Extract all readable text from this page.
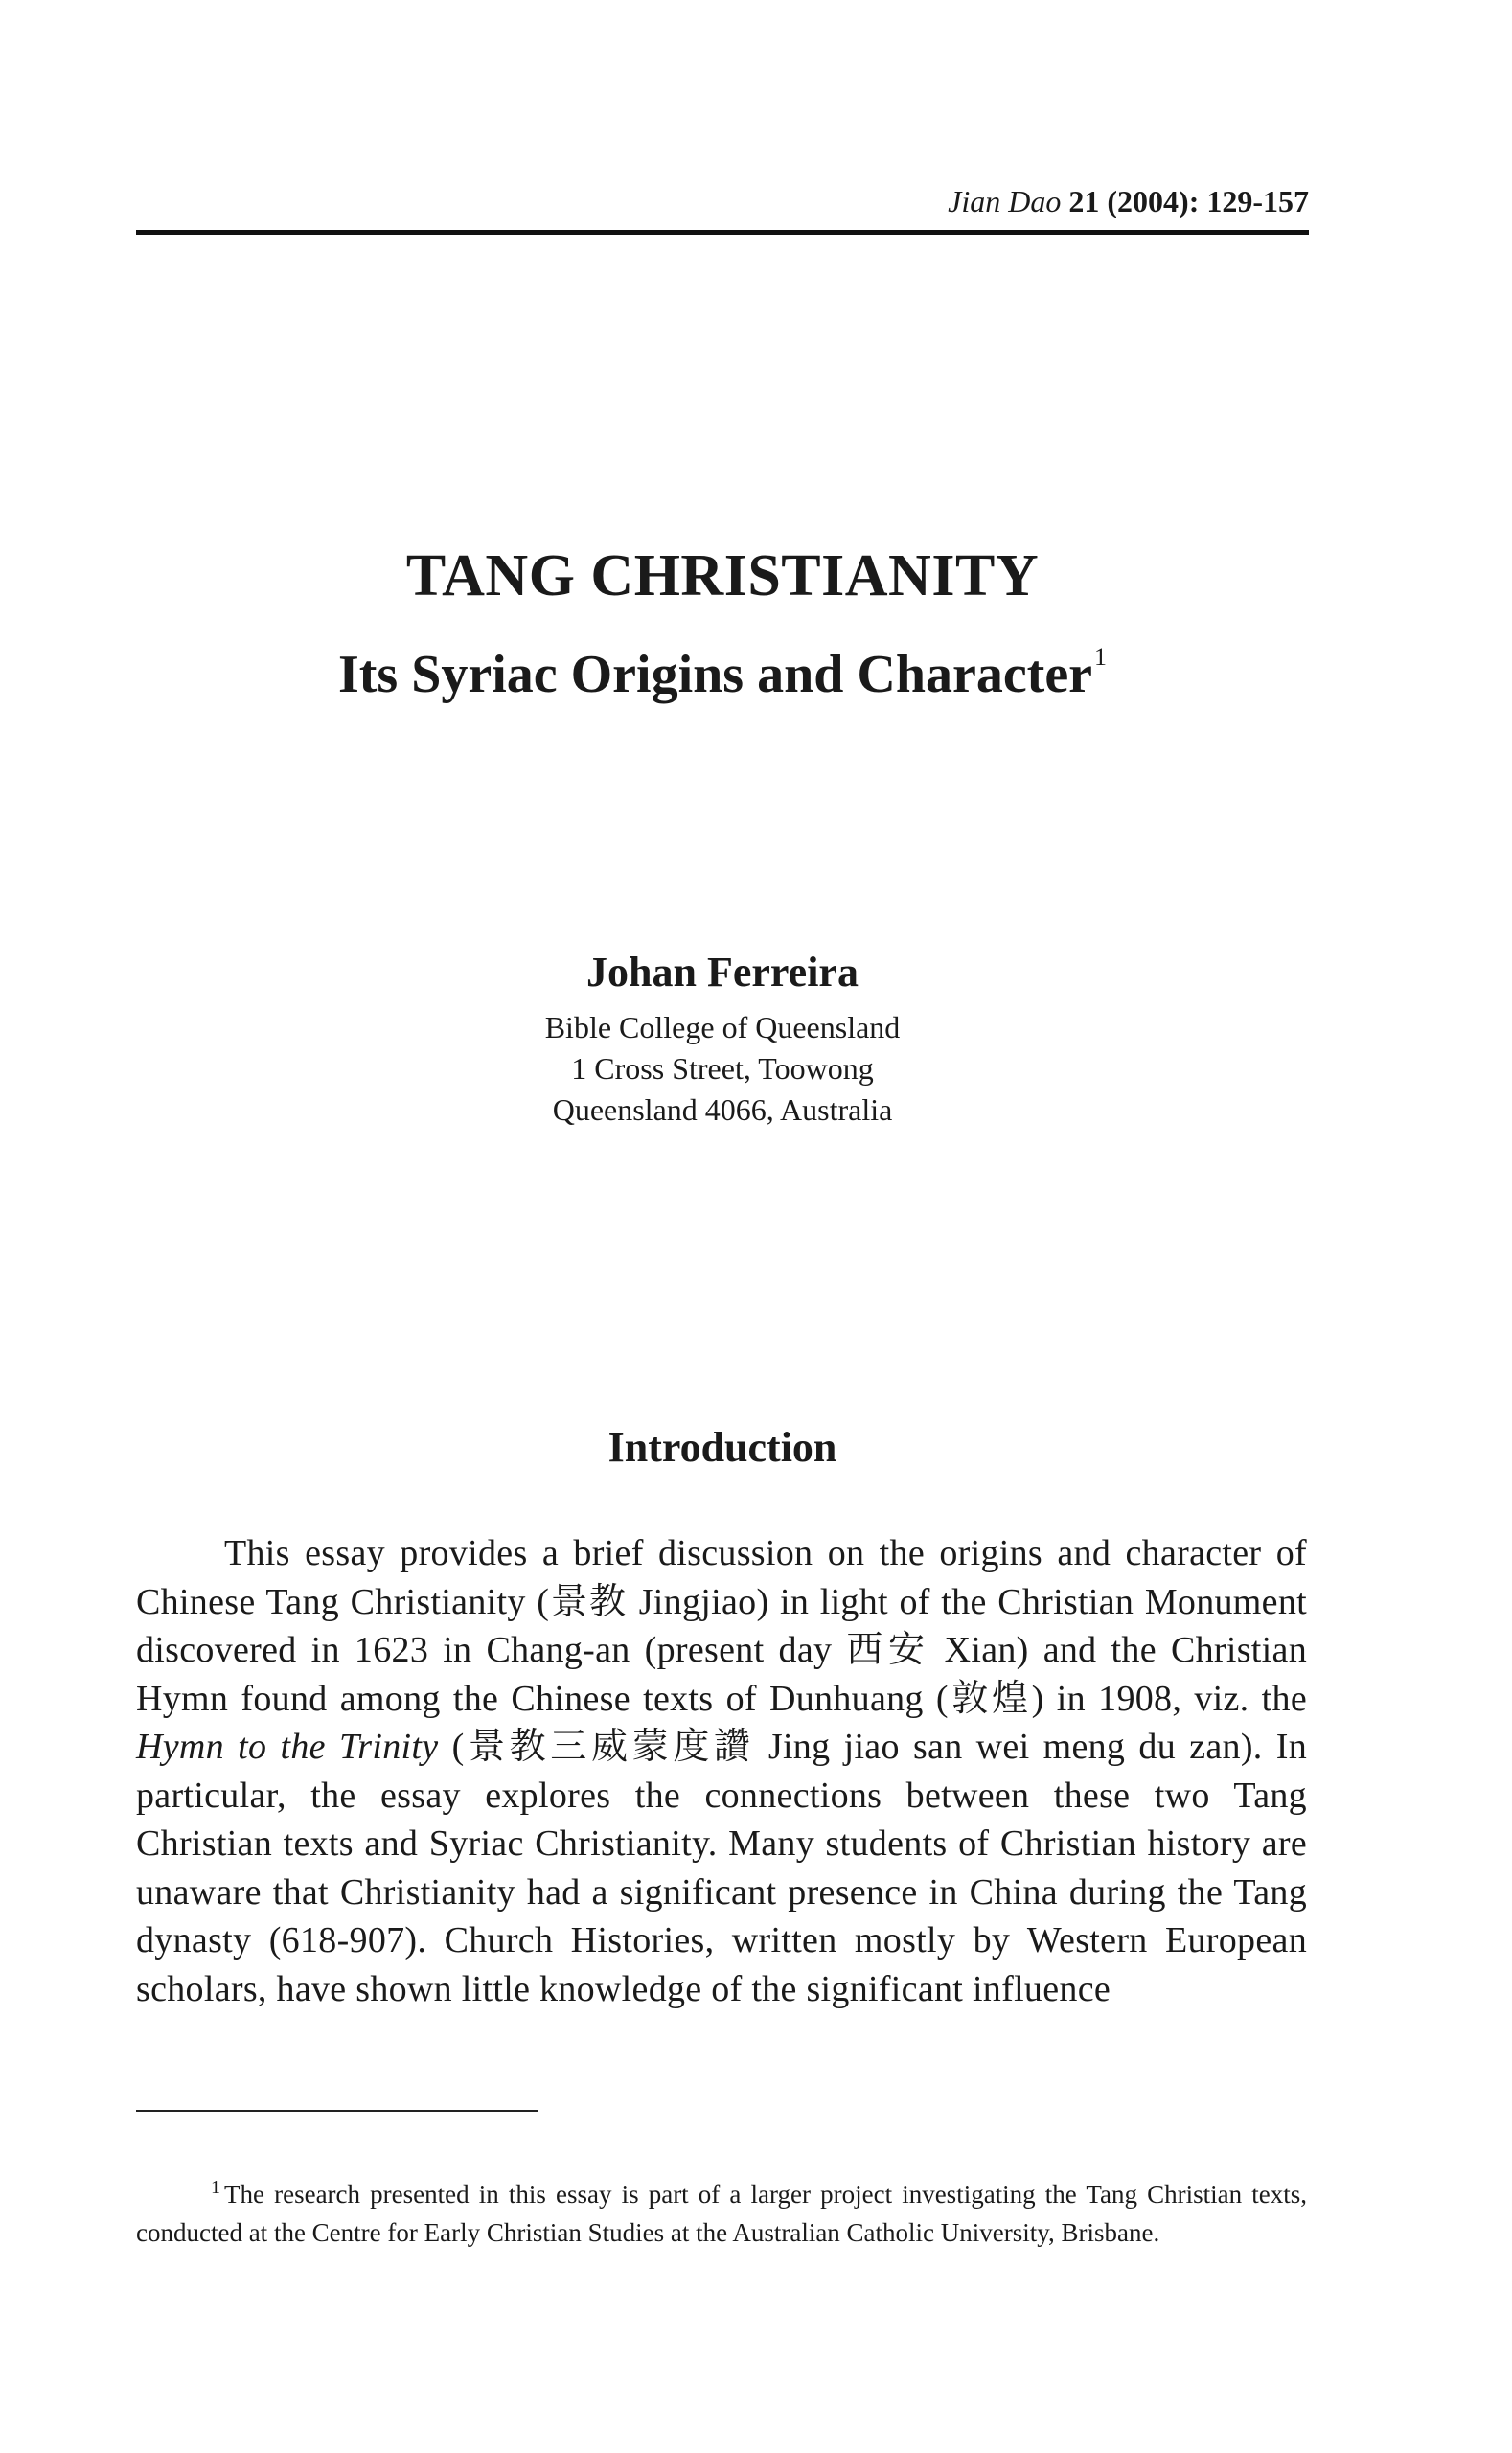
Jian Dao 21 (2004): 129-157
TANG CHRISTIANITY
Its Syriac Origins and Character$^1$
Johan Ferreira
Bible College of Queensland
1 Cross Street, Toowong
Queensland 4066, Australia
Introduction

This essay provides a brief discussion on the origins and character of Chinese Tang Christianity (景教 Jingjiao) in light of the Christian Monument discovered in 1623 in Chang-an (present day 西安 Xian) and the Christian Hymn found among the Chinese texts of Dunhuang (敦煌) in 1908, viz. the Hymn to the Trinity (景教三威蒙度讚 Jing jiao san wei meng du zan). In particular, the essay explores the connections between these two Tang Christian texts and Syriac Christianity. Many students of Christian history are unaware that Christianity had a significant presence in China during the Tang dynasty (618-907). Church Histories, written mostly by Western European scholars, have shown little knowledge of the significant influence

$^1$ The research presented in this essay is part of a larger project investigating the Tang Christian texts, conducted at the Centre for Early Christian Studies at the Australian Catholic University, Brisbane.
